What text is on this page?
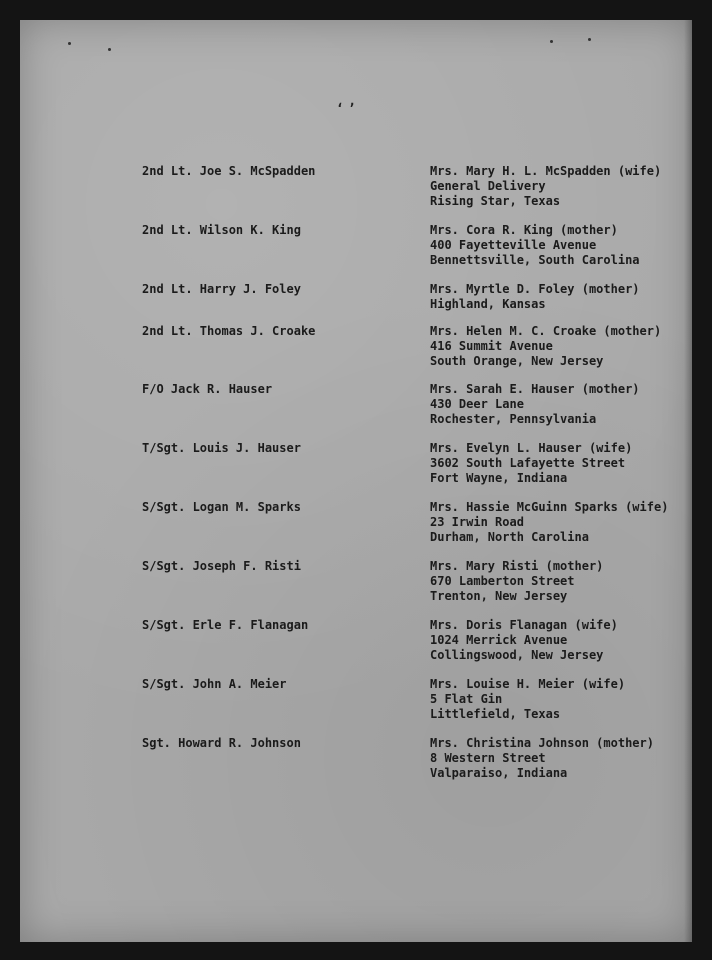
ʻʼ
2nd Lt. Joe S. McSpadden	Mrs. Mary H. L. McSpadden (wife)
General Delivery
Rising Star, Texas
2nd Lt. Wilson K. King	Mrs. Cora R. King (mother)
400 Fayetteville Avenue
Bennettsville, South Carolina
2nd Lt. Harry J. Foley	Mrs. Myrtle D. Foley (mother)
Highland, Kansas
2nd Lt. Thomas J. Croake	Mrs. Helen M. C. Croake (mother)
416 Summit Avenue
South Orange, New Jersey
F/O Jack R. Hauser	Mrs. Sarah E. Hauser (mother)
430 Deer Lane
Rochester, Pennsylvania
T/Sgt. Louis J. Hauser	Mrs. Evelyn L. Hauser (wife)
3602 South Lafayette Street
Fort Wayne, Indiana
S/Sgt. Logan M. Sparks	Mrs. Hassie McGuinn Sparks (wife)
23 Irwin Road
Durham, North Carolina
S/Sgt. Joseph F. Risti	Mrs. Mary Risti (mother)
670 Lamberton Street
Trenton, New Jersey
S/Sgt. Erle F. Flanagan	Mrs. Doris Flanagan (wife)
1024 Merrick Avenue
Collingswood, New Jersey
S/Sgt. John A. Meier	Mrs. Louise H. Meier (wife)
5 Flat Gin
Littlefield, Texas
Sgt. Howard R. Johnson	Mrs. Christina Johnson (mother)
8 Western Street
Valparaiso, Indiana
